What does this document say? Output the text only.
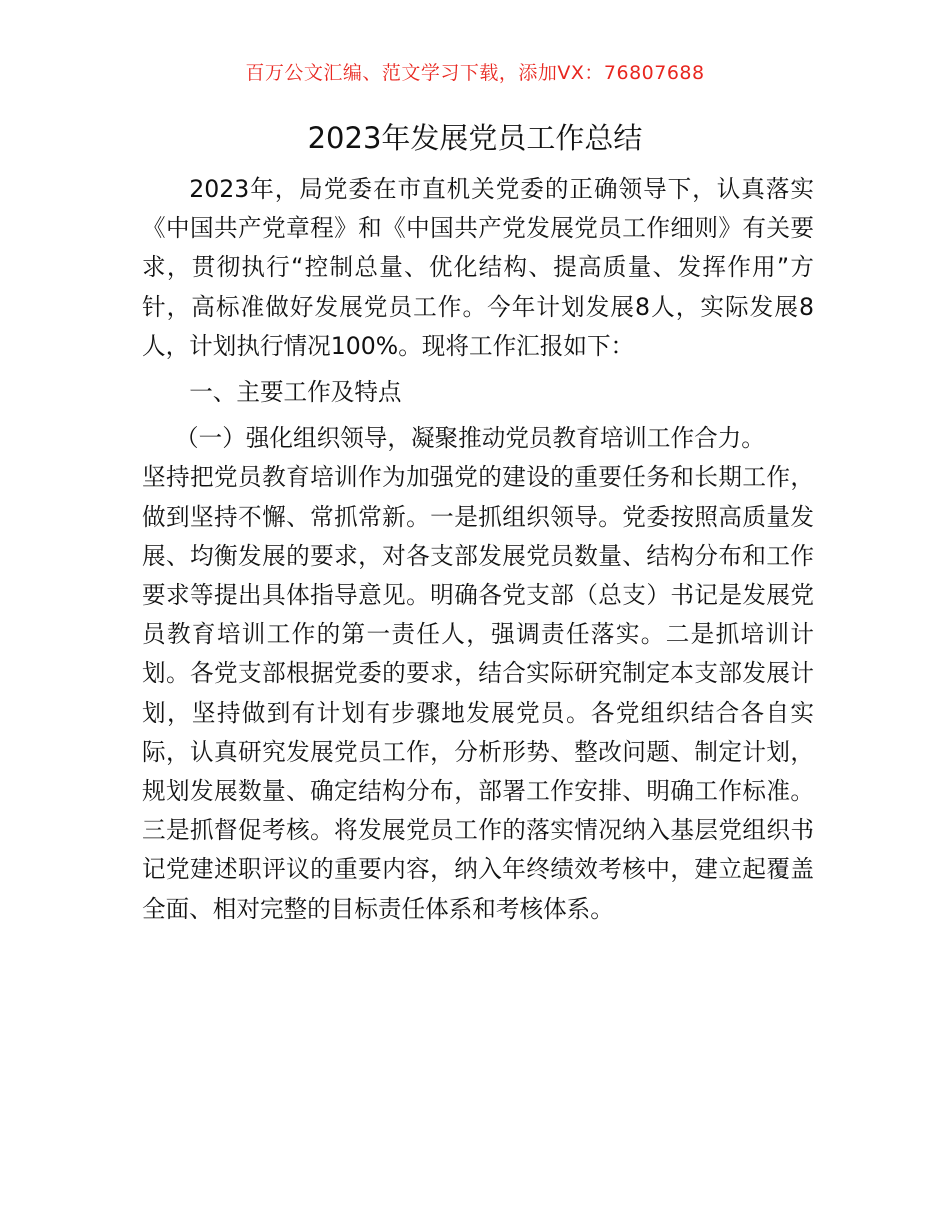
百万公文汇编、范文学习下载，添加VX：76807688
2023年发展党员工作总结

2023年，局党委在市直机关党委的正确领导下，认真落实《中国共产党章程》和《中国共产党发展党员工作细则》有关要求，贯彻执行“控制总量、优化结构、提高质量、发挥作用”方针，高标准做好发展党员工作。今年计划发展8人，实际发展8人，计划执行情况100%。现将工作汇报如下：

一、主要工作及特点

（一）强化组织领导，凝聚推动党员教育培训工作合力。

坚持把党员教育培训作为加强党的建设的重要任务和长期工作，做到坚持不懈、常抓常新。一是抓组织领导。党委按照高质量发展、均衡发展的要求，对各支部发展党员数量、结构分布和工作要求等提出具体指导意见。明确各党支部（总支）书记是发展党员教育培训工作的第一责任人，强调责任落实。二是抓培训计划。各党支部根据党委的要求，结合实际研究制定本支部发展计划，坚持做到有计划有步骤地发展党员。各党组织结合各自实际，认真研究发展党员工作，分析形势、整改问题、制定计划，规划发展数量、确定结构分布，部署工作安排、明确工作标准。三是抓督促考核。将发展党员工作的落实情况纳入基层党组织书记党建述职评议的重要内容，纳入年终绩效考核中，建立起覆盖全面、相对完整的目标责任体系和考核体系。
